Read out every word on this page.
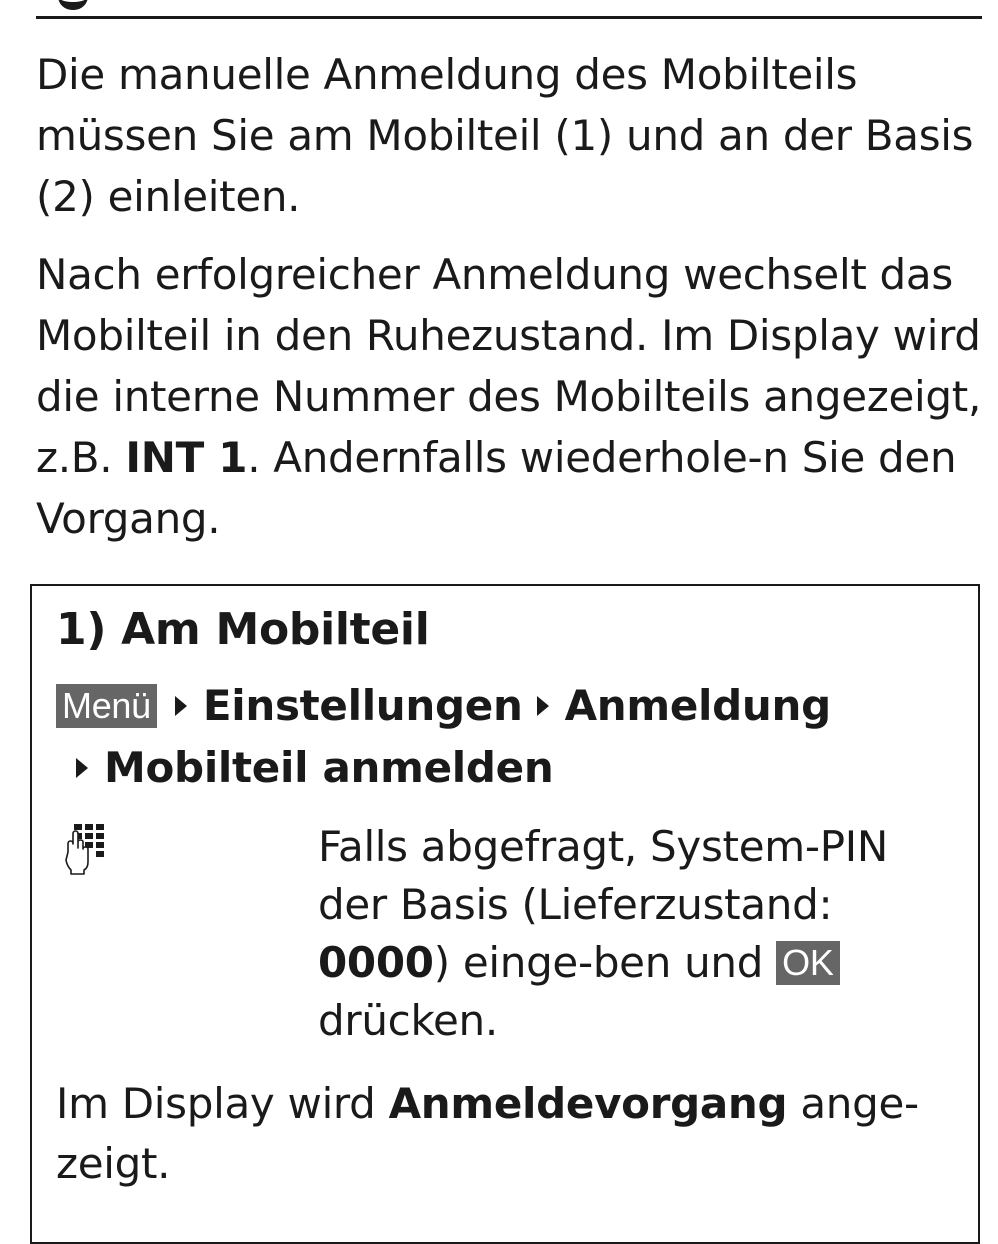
Die manuelle Anmeldung des Mobilteils müssen Sie am Mobilteil (1) und an der Basis (2) einleiten.

Nach erfolgreicher Anmeldung wechselt das Mobilteil in den Ruhezustand. Im Display wird die interne Nummer des Mobilteils angezeigt, z.B. INT 1. Andernfalls wiederhole-n Sie den Vorgang.

1) Am Mobilteil
Menü Einstellungen Anmeldung
Mobilteil anmelden

Falls abgefragt, System-PIN der Basis (Lieferzustand: 0000) einge-ben und OK drücken.

Im Display wird Anmeldevorgang ange-zeigt.
